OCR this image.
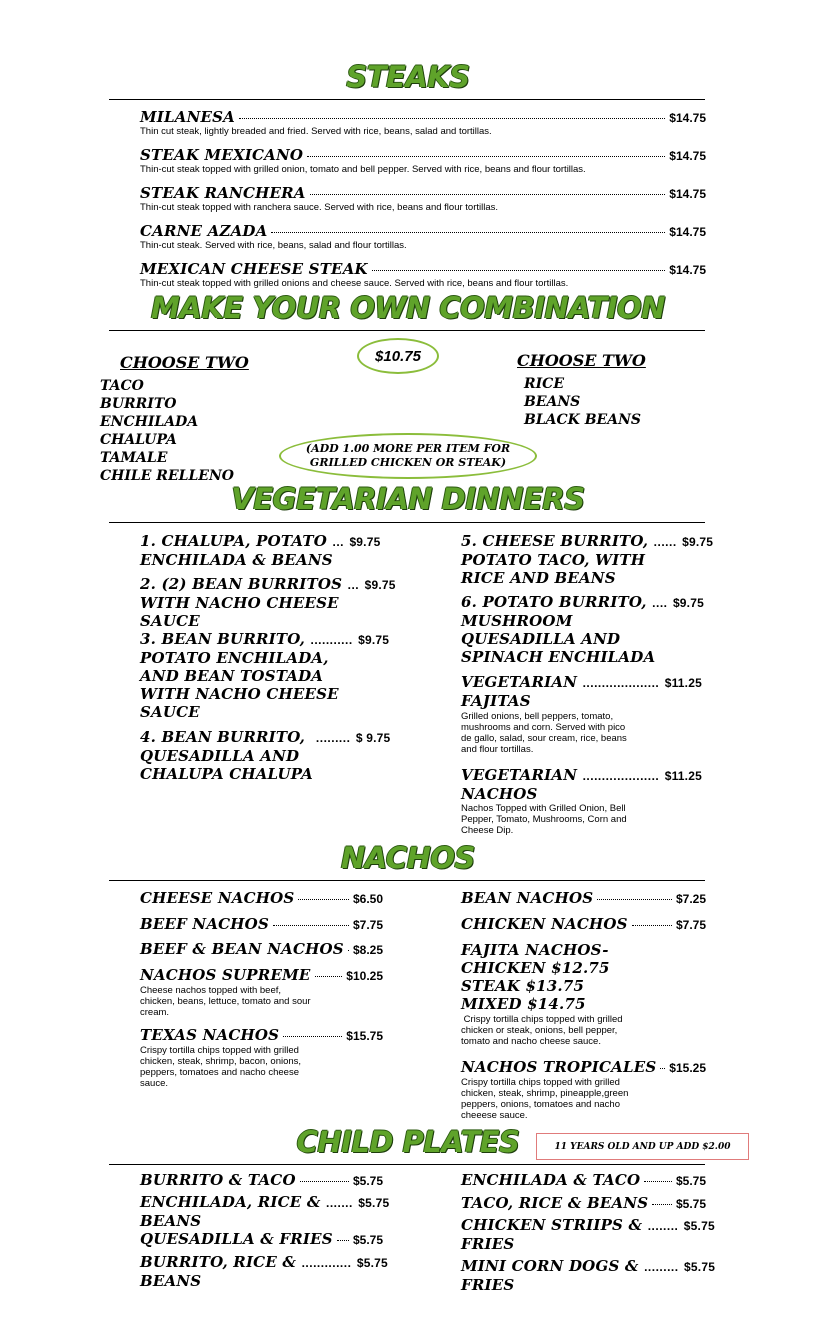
STEAKS
MILANESA	$14.75
Thin cut steak, lightly breaded and fried. Served with rice, beans, salad and tortillas.
STEAK MEXICANO	$14.75
Thin-cut steak topped with grilled onion, tomato and bell pepper. Served with rice, beans and flour tortillas.
STEAK RANCHERA	$14.75
Thin-cut steak topped with ranchera sauce. Served with rice, beans and flour tortillas.
CARNE AZADA	$14.75
Thin-cut steak. Served with rice, beans, salad and flour tortillas.
MEXICAN CHEESE STEAK	$14.75
Thin-cut steak topped with grilled onions and cheese sauce. Served with rice, beans and flour tortillas.
MAKE YOUR OWN COMBINATION
CHOOSE TWO
TACO
BURRITO
ENCHILADA
CHALUPA
TAMALE
CHILE RELLENO
$10.75	CHOOSE TWO
RICE
BEANS
BLACK BEANS
(ADD 1.00 MORE PER ITEM FOR
GRILLED CHICKEN OR STEAK)
VEGETARIAN DINNERS
1. CHALUPA, POTATO ... $9.75
ENCHILADA & BEANS
2. (2) BEAN BURRITOS ... $9.75
WITH NACHO CHEESE
SAUCE
3. BEAN BURRITO, ........... $9.75
POTATO ENCHILADA,
AND BEAN TOSTADA
WITH NACHO CHEESE
SAUCE
4. BEAN BURRITO, ......... $ 9.75
QUESADILLA AND
CHALUPA CHALUPA
5. CHEESE BURRITO, ...... $9.75
POTATO TACO, WITH
RICE AND BEANS
6. POTATO BURRITO, .... $9.75
MUSHROOM
QUESADILLA AND
SPINACH ENCHILADA
VEGETARIAN .................... $11.25
FAJITAS
Grilled onions, bell peppers, tomato,
mushrooms and corn. Served with pico
de gallo, salad, sour cream, rice, beans
and flour tortillas.
VEGETARIAN .................... $11.25
NACHOS
Nachos Topped with Grilled Onion, Bell
Pepper, Tomato, Mushrooms, Corn and
Cheese Dip.
NACHOS
CHEESE NACHOS	$6.50
BEEF NACHOS	$7.75
BEEF & BEAN NACHOS $8.25
NACHOS SUPREME	$10.25
Cheese nachos topped with beef,
chicken, beans, lettuce, tomato and sour
cream.
TEXAS NACHOS	$15.75
Crispy tortilla chips topped with grilled
chicken, steak, shrimp, bacon, onions,
peppers, tomatoes and nacho cheese
sauce.
BEAN NACHOS	$7.25
CHICKEN NACHOS	$7.75
FAJITA NACHOS-
CHICKEN $12.75
STEAK $13.75
MIXED $14.75
Crispy tortilla chips topped with grilled
chicken or steak, onions, bell pepper,
tomato and nacho cheese sauce.
NACHOS TROPICALES $15.25
Crispy tortilla chips topped with grilled
chicken, steak, shrimp, pineapple,green
peppers, onions, tomatoes and nacho
cheeese sauce.
CHILD PLATES	11 YEARS OLD AND UP ADD $2.00
BURRITO & TACO	$5.75
ENCHILADA, RICE & ....... $5.75
BEANS
QUESADILLA & FRIES $5.75
BURRITO, RICE & ............. $5.75
BEANS
ENCHILADA & TACO	$5.75
TACO, RICE & BEANS $5.75
CHICKEN STRIIPS & ........ $5.75
FRIES
MINI CORN DOGS & ......... $5.75
FRIES
